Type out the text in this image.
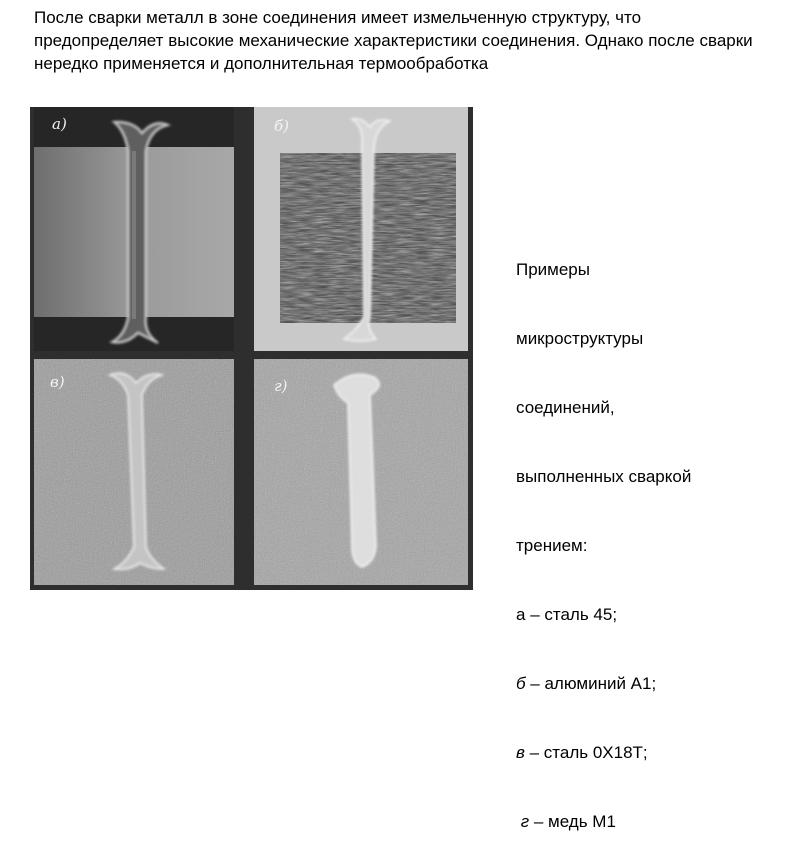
После сварки металл в зоне соединения имеет измельченную структуру, что предопределяет высокие механические характеристики соединения. Однако после сварки нередко применяется и дополнительная термообработка

а)	б)
в)	г)

Примеры

микроструктуры

соединений,

выполненных сваркой

трением:

а – сталь 45;

б – алюминий А1;

в – сталь 0Х18Т;

г – медь М1
